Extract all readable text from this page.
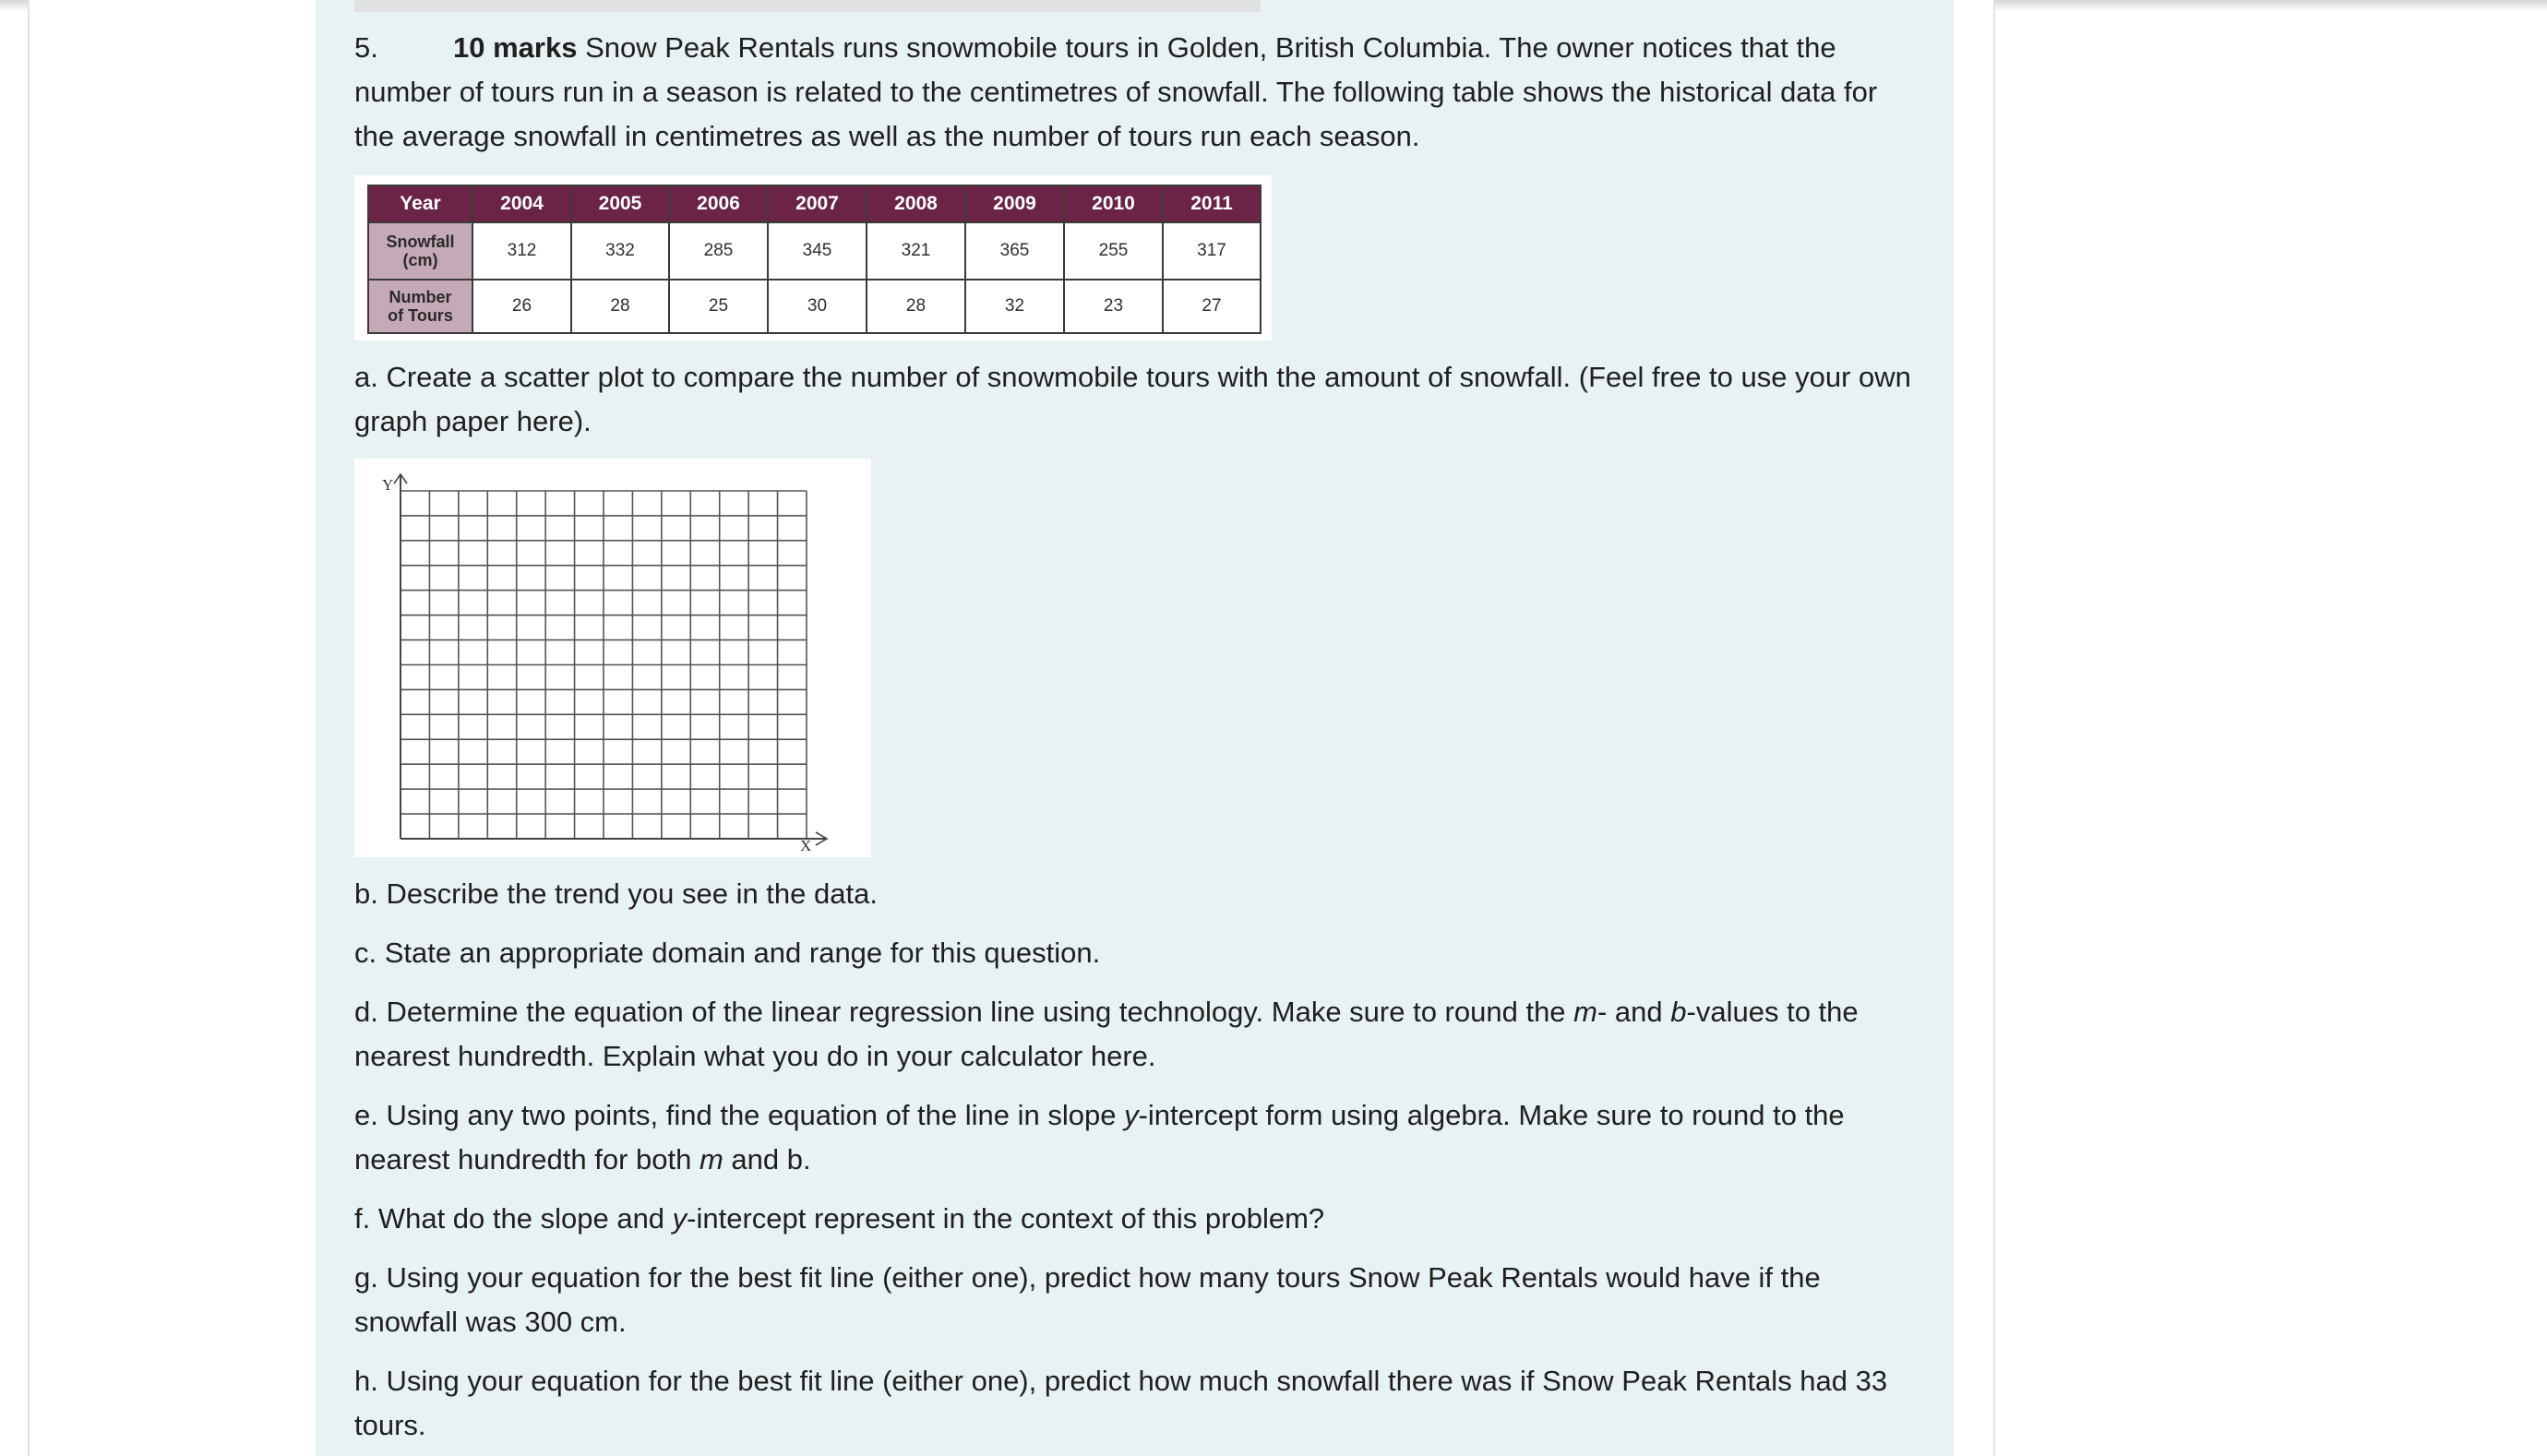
5.	10 marks Snow Peak Rentals runs snowmobile tours in Golden, British Columbia. The owner notices that the number of tours run in a season is related to the centimetres of snowfall. The following table shows the historical data for the average snowfall in centimetres as well as the number of tours run each season.

Year	2004	2005	2006	2007	2008	2009	2010	2011
Snowfall
(cm)	312	332	285	345	321	365	255	317
Number
of Tours	26	28	25	30	28	32	23	27

a. Create a scatter plot to compare the number of snowmobile tours with the amount of snowfall. (Feel free to use your own graph paper here).

Y
X

b. Describe the trend you see in the data.

c. State an appropriate domain and range for this question.

d. Determine the equation of the linear regression line using technology. Make sure to round the m- and b-values to the nearest hundredth. Explain what you do in your calculator here.

e. Using any two points, find the equation of the line in slope y-intercept form using algebra. Make sure to round to the nearest hundredth for both m and b.

f. What do the slope and y-intercept represent in the context of this problem?

g. Using your equation for the best fit line (either one), predict how many tours Snow Peak Rentals would have if the snowfall was 300 cm.

h. Using your equation for the best fit line (either one), predict how much snowfall there was if Snow Peak Rentals had 33 tours.
